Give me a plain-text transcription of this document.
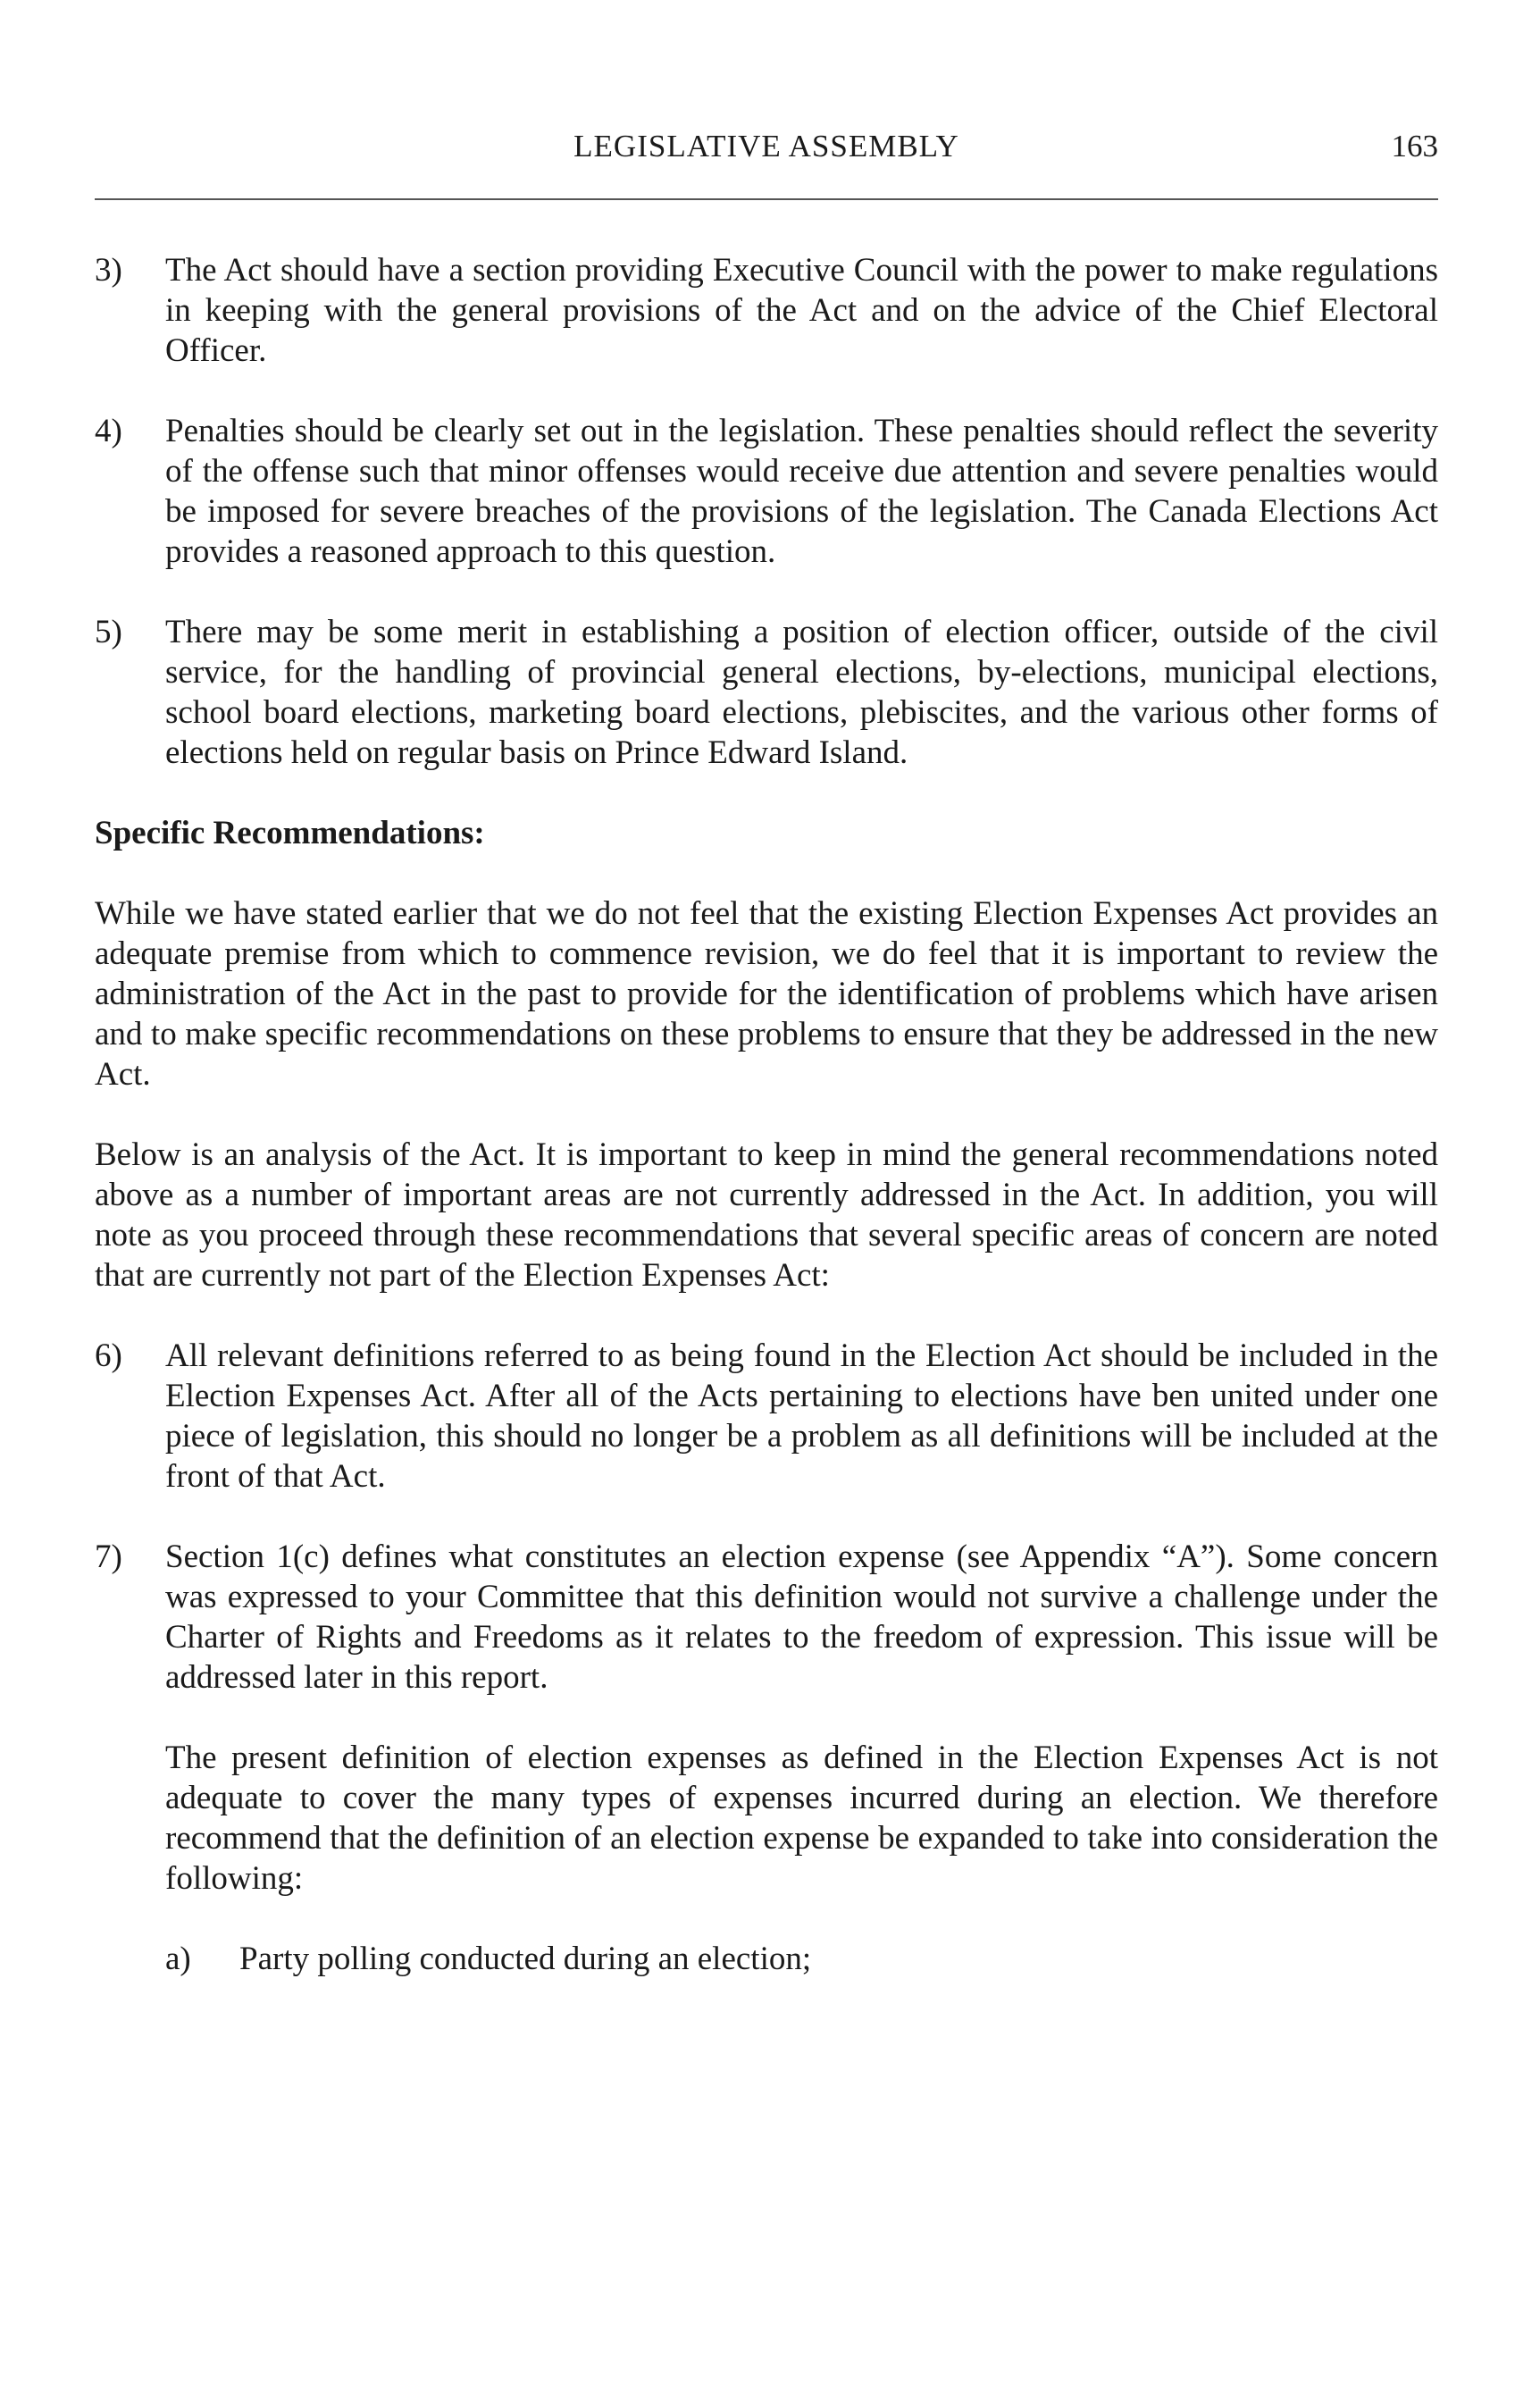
LEGISLATIVE ASSEMBLY	163
3) The Act should have a section providing Executive Council with the power to make regulations in keeping with the general provisions of the Act and on the advice of the Chief Electoral Officer.
4) Penalties should be clearly set out in the legislation. These penalties should reflect the severity of the offense such that minor offenses would receive due attention and severe penalties would be imposed for severe breaches of the provisions of the legislation. The Canada Elections Act provides a reasoned approach to this question.
5) There may be some merit in establishing a position of election officer, outside of the civil service, for the handling of provincial general elections, by-elections, municipal elections, school board elections, marketing board elections, plebiscites, and the various other forms of elections held on regular basis on Prince Edward Island.
Specific Recommendations:

While we have stated earlier that we do not feel that the existing Election Expenses Act provides an adequate premise from which to commence revision, we do feel that it is important to review the administration of the Act in the past to provide for the identification of problems which have arisen and to make specific recommendations on these problems to ensure that they be addressed in the new Act.

Below is an analysis of the Act. It is important to keep in mind the general recommendations noted above as a number of important areas are not currently addressed in the Act. In addition, you will note as you proceed through these recommendations that several specific areas of concern are noted that are currently not part of the Election Expenses Act:

6) All relevant definitions referred to as being found in the Election Act should be included in the Election Expenses Act. After all of the Acts pertaining to elections have ben united under one piece of legislation, this should no longer be a problem as all definitions will be included at the front of that Act.
7) Section 1(c) defines what constitutes an election expense (see Appendix “A”). Some concern was expressed to your Committee that this definition would not survive a challenge under the Charter of Rights and Freedoms as it relates to the freedom of expression. This issue will be addressed later in this report.

The present definition of election expenses as defined in the Election Expenses Act is not adequate to cover the many types of expenses incurred during an election. We therefore recommend that the definition of an election expense be expanded to take into consideration the following:

a) Party polling conducted during an election;
